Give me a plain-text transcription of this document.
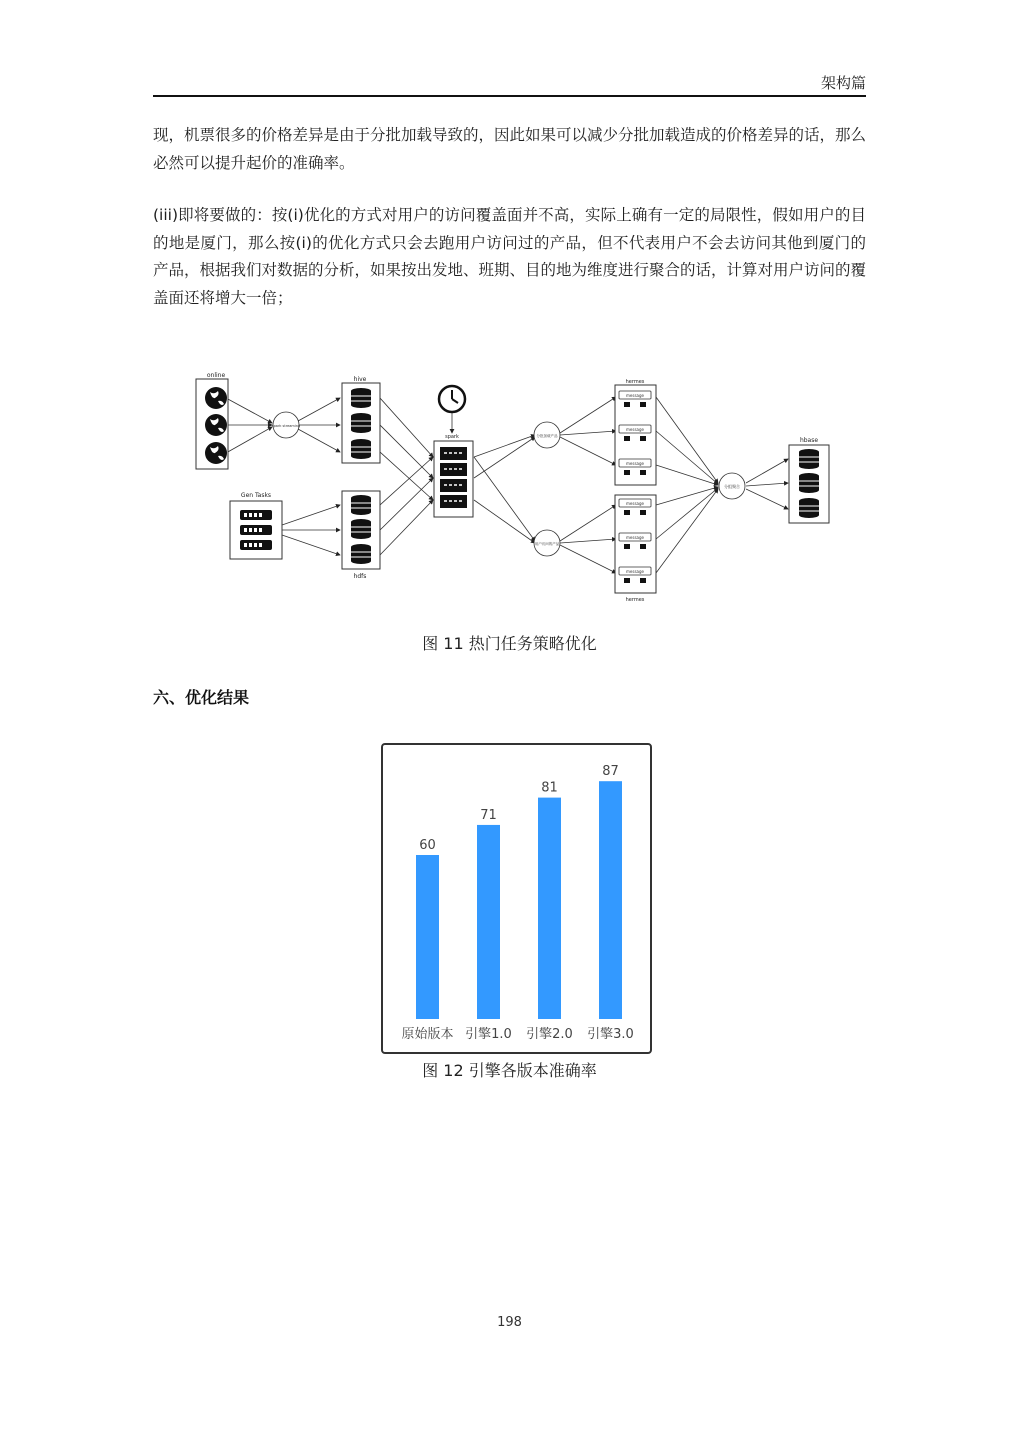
架构篇
现，机票很多的价格差异是由于分批加载导致的，因此如果可以减少分批加载造成的价格差异的话，那么必然可以提升起价的准确率。
(iii)即将要做的：按(i)优化的方式对用户的访问覆盖面并不高，实际上确有一定的局限性，假如用户的目的地是厦门，那么按(i)的优化方式只会去跑用户访问过的产品，但不代表用户不会去访问其他到厦门的产品，根据我们对数据的分析，如果按出发地、班期、目的地为维度进行聚合的话，计算对用户访问的覆盖面还将增大一倍；
online
spark streaming
Gen Tasks
hive
hdfs
spark	分批加载产品
用户访问的产品
hermes
message
message
message
message
message
message
hermes
分组聚合
hbase
图 11 热门任务策略优化
六、优化结果
60
原始版本
71
引擎1.0
81
引擎2.0
87
引擎3.0
图 12 引擎各版本准确率
198
